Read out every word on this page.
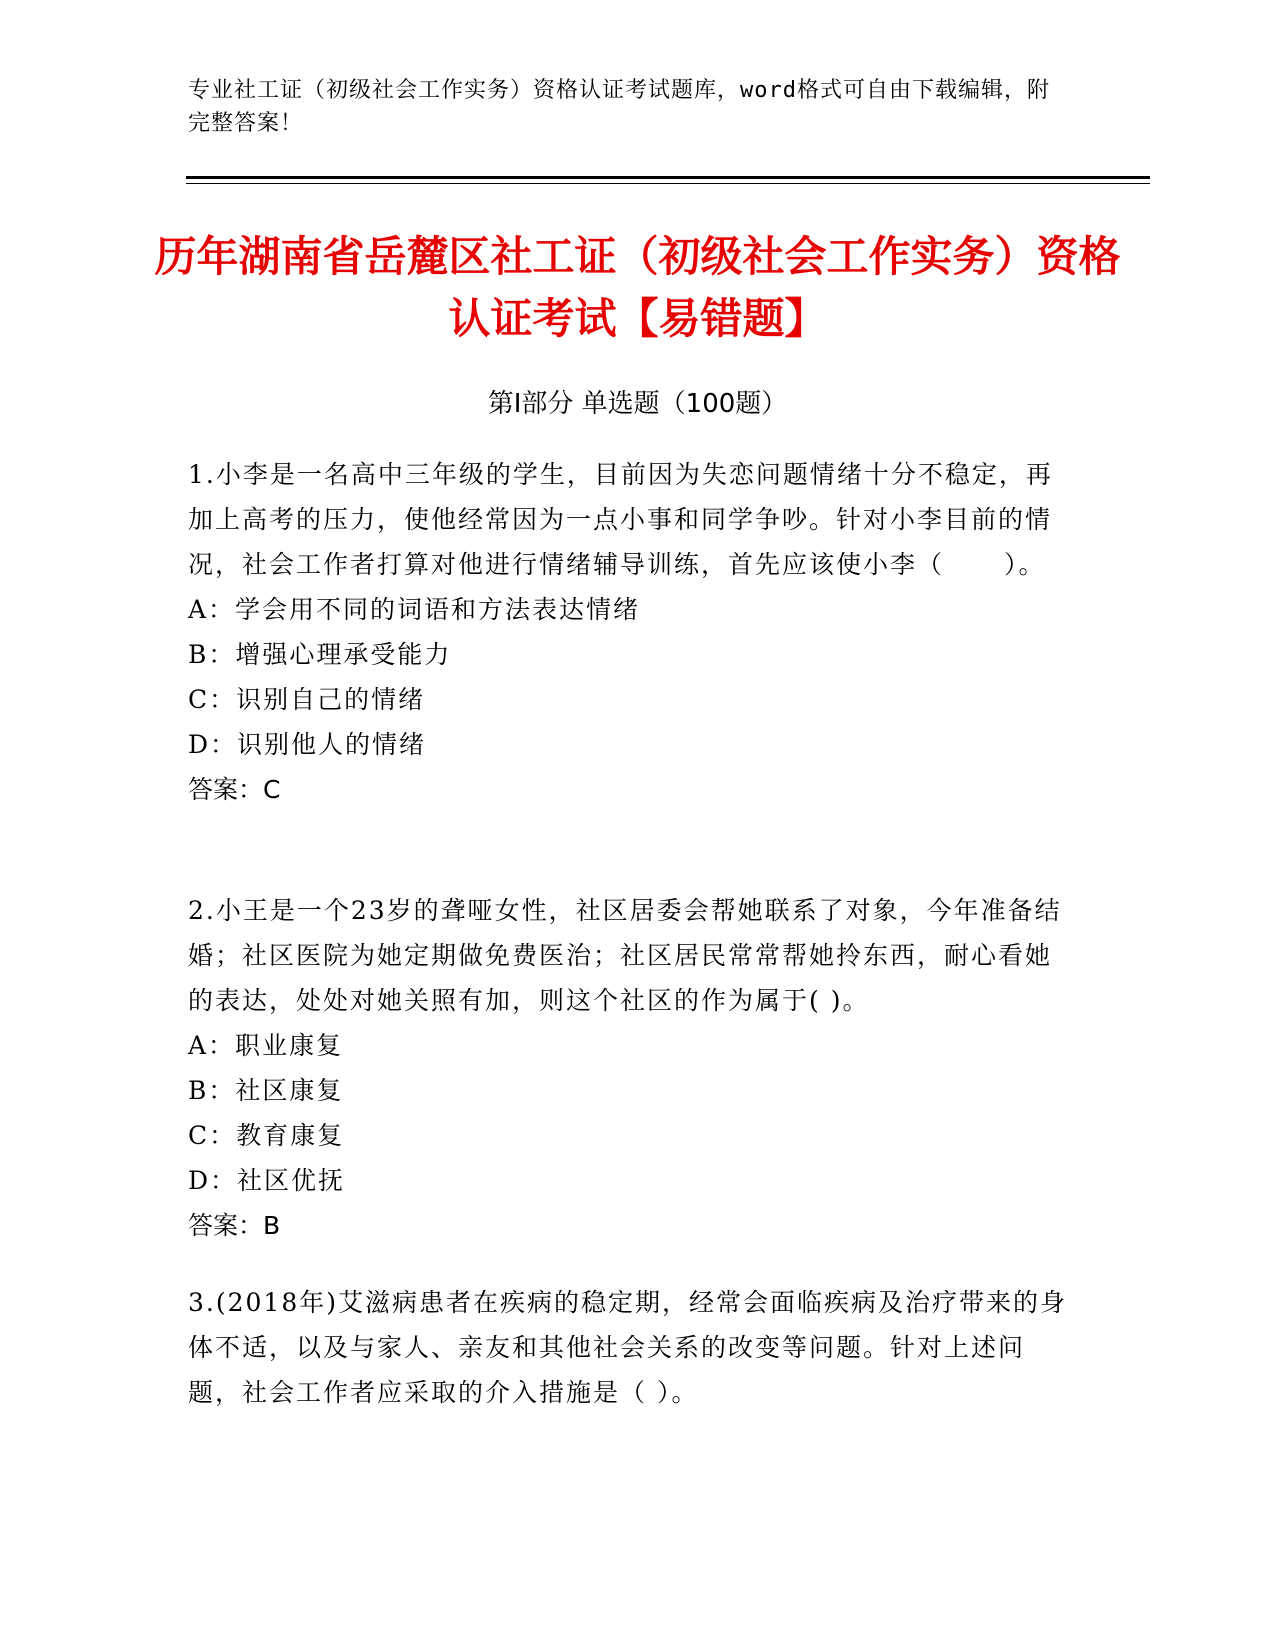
专业社工证（初级社会工作实务）资格认证考试题库，word格式可自由下载编辑，附完整答案！
历年湖南省岳麓区社工证（初级社会工作实务）资格认证考试【易错题】
第I部分 单选题（100题）

1.小李是一名高中三年级的学生，目前因为失恋问题情绪十分不稳定，再加上高考的压力，使他经常因为一点小事和同学争吵。针对小李目前的情况，社会工作者打算对他进行情绪辅导训练，首先应该使小李（ ）。

A：学会用不同的词语和方法表达情绪

B：增强心理承受能力

C：识别自己的情绪

D：识别他人的情绪

答案：C

2.小王是一个23岁的聋哑女性，社区居委会帮她联系了对象，今年准备结婚；社区医院为她定期做免费医治；社区居民常常帮她拎东西，耐心看她的表达，处处对她关照有加，则这个社区的作为属于( )。

A：职业康复

B：社区康复

C：教育康复

D：社区优抚

答案：B

3.(2018年)艾滋病患者在疾病的稳定期，经常会面临疾病及治疗带来的身体不适，以及与家人、亲友和其他社会关系的改变等问题。针对上述问题，社会工作者应采取的介入措施是（ ）。
